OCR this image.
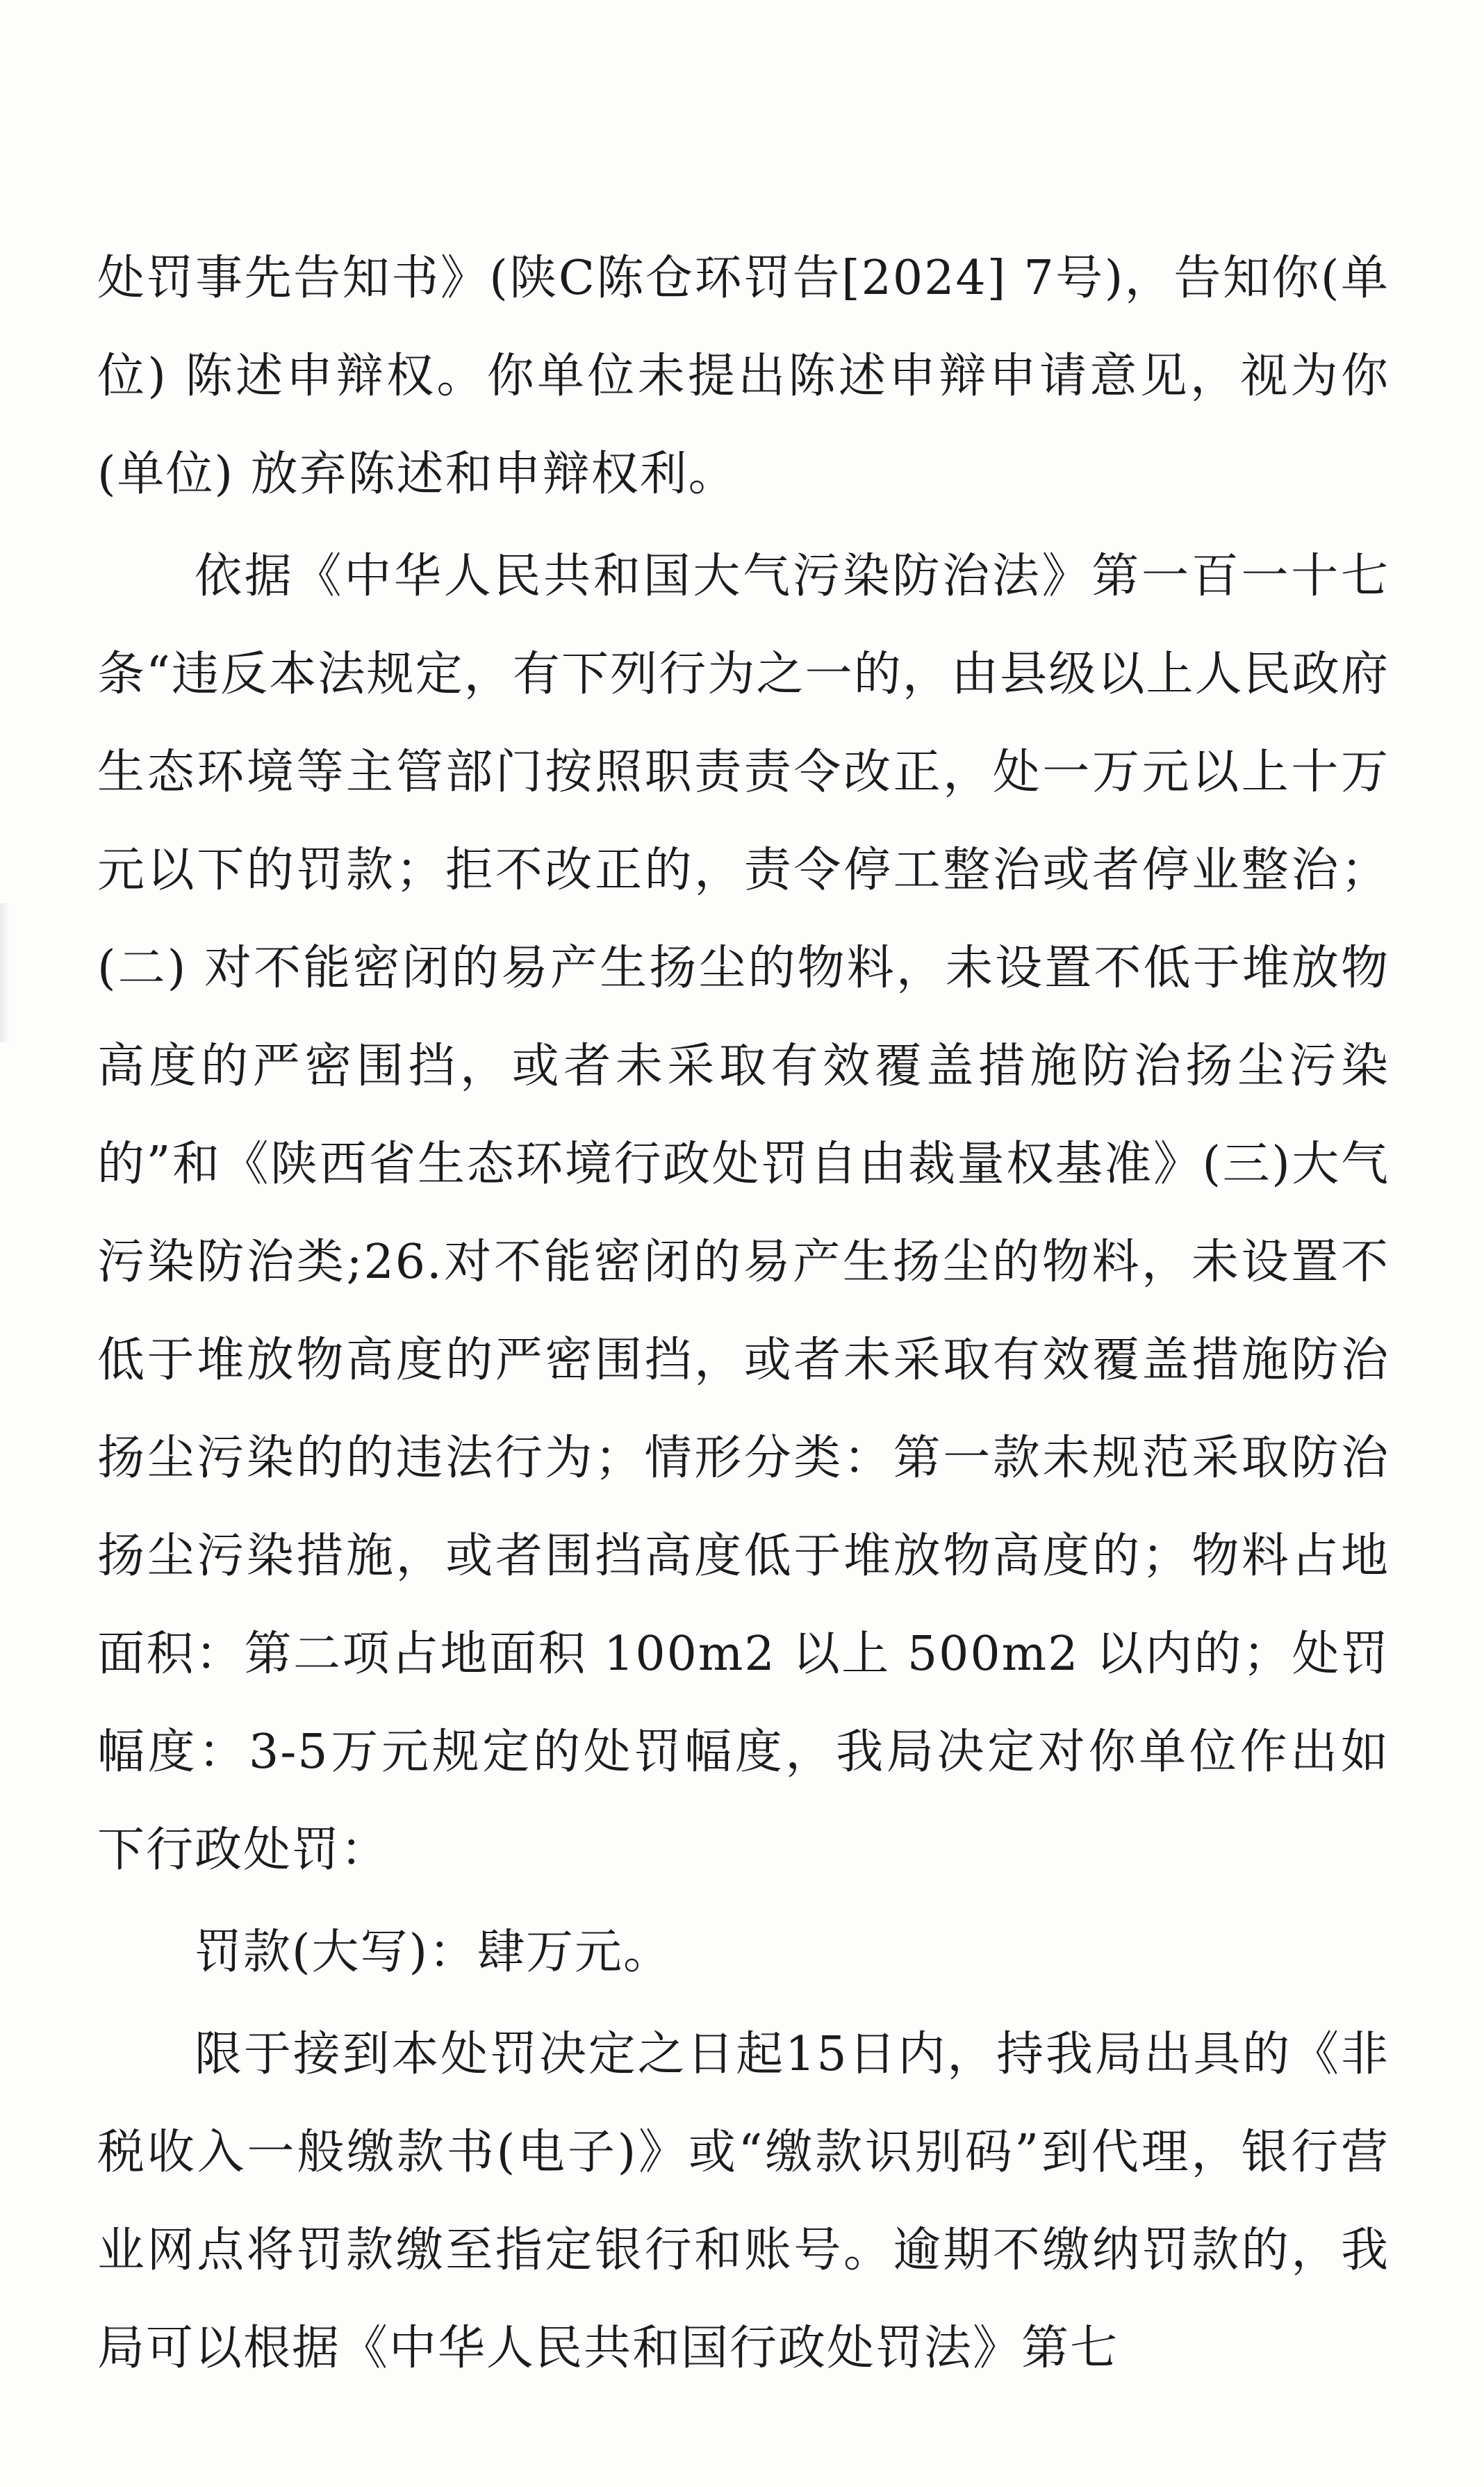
处罚事先告知书》(陕C陈仓环罚告[2024] 7号)，告知你(单位) 陈述申辩权。你单位未提出陈述申辩申请意见，视为你(单位) 放弃陈述和申辩权利。

依据《中华人民共和国大气污染防治法》第一百一十七条“违反本法规定，有下列行为之一的，由县级以上人民政府生态环境等主管部门按照职责责令改正，处一万元以上十万元以下的罚款；拒不改正的，责令停工整治或者停业整治；(二) 对不能密闭的易产生扬尘的物料，未设置不低于堆放物高度的严密围挡，或者未采取有效覆盖措施防治扬尘污染的”和《陕西省生态环境行政处罚自由裁量权基准》(三)大气污染防治类;26.对不能密闭的易产生扬尘的物料，未设置不低于堆放物高度的严密围挡，或者未采取有效覆盖措施防治扬尘污染的的违法行为；情形分类：第一款未规范采取防治扬尘污染措施，或者围挡高度低于堆放物高度的；物料占地面积：第二项占地面积 100m2 以上 500m2 以内的；处罚幅度：3-5万元规定的处罚幅度，我局决定对你单位作出如下行政处罚：

罚款(大写)：肆万元。

限于接到本处罚决定之日起15日内，持我局出具的《非税收入一般缴款书(电子)》或“缴款识别码”到代理，银行营业网点将罚款缴至指定银行和账号。逾期不缴纳罚款的，我局可以根据《中华人民共和国行政处罚法》第七
